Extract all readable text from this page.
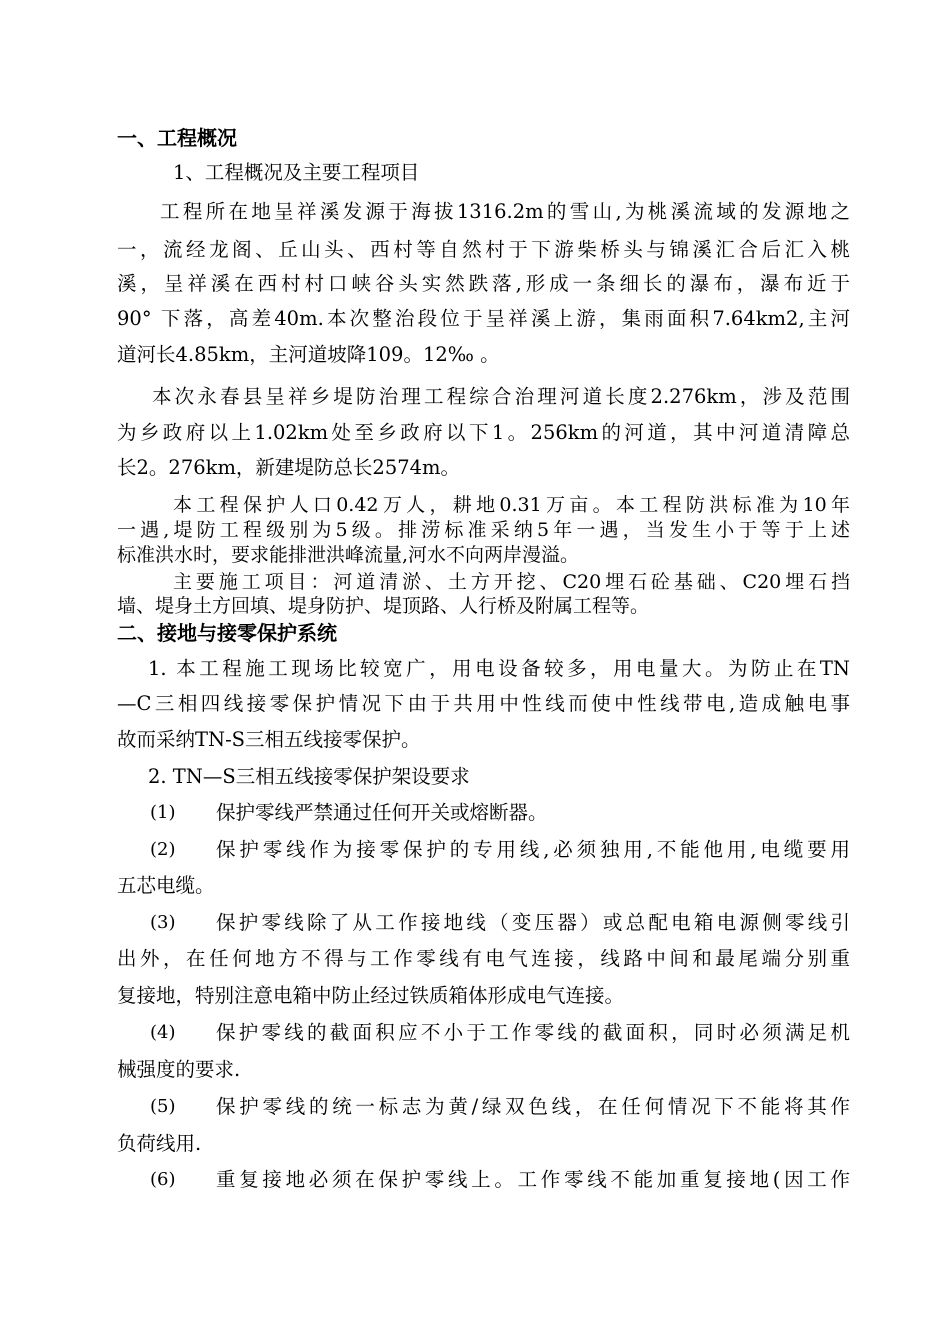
一、工程概况
1、工程概况及主要工程项目
工程所在地呈祥溪发源于海拔1316.2m的雪山,为桃溪流域的发源地之
一，流经龙阁、丘山头、西村等自然村于下游柴桥头与锦溪汇合后汇入桃
溪，呈祥溪在西村村口峡谷头实然跌落,形成一条细长的瀑布，瀑布近于
90° 下落，高差40m.本次整治段位于呈祥溪上游，集雨面积7.64km2,主河
道河长4.85km，主河道坡降109。12‰ 。
本次永春县呈祥乡堤防治理工程综合治理河道长度2.276km，涉及范围
为乡政府以上1.02km处至乡政府以下1。256km的河道，其中河道清障总
长2。276km，新建堤防总长2574m。
本工程保护人口0.42万人，耕地0.31万亩。本工程防洪标准为10年
一遇,堤防工程级别为5级。排涝标准采纳5年一遇，当发生小于等于上述
标准洪水时，要求能排泄洪峰流量,河水不向两岸漫溢。
主要施工项目：河道清淤、土方开挖、C20埋石砼基础、C20埋石挡
墙、堤身土方回填、堤身防护、堤顶路、人行桥及附属工程等。
二、接地与接零保护系统
1. 本工程施工现场比较宽广，用电设备较多，用电量大。为防止在TN
—C三相四线接零保护情况下由于共用中性线而使中性线带电,造成触电事
故而采纳TN-S三相五线接零保护。
2. TN—S三相五线接零保护架设要求
(1) 保护零线严禁通过任何开关或熔断器。
(2) 保护零线作为接零保护的专用线,必须独用,不能他用,电缆要用
五芯电缆。
(3) 保护零线除了从工作接地线（变压器）或总配电箱电源侧零线引
出外，在任何地方不得与工作零线有电气连接，线路中间和最尾端分别重
复接地，特别注意电箱中防止经过铁质箱体形成电气连接。
(4) 保护零线的截面积应不小于工作零线的截面积，同时必须满足机
械强度的要求.
(5) 保护零线的统一标志为黄/绿双色线，在任何情况下不能将其作
负荷线用.
(6) 重复接地必须在保护零线上。工作零线不能加重复接地(因工作
